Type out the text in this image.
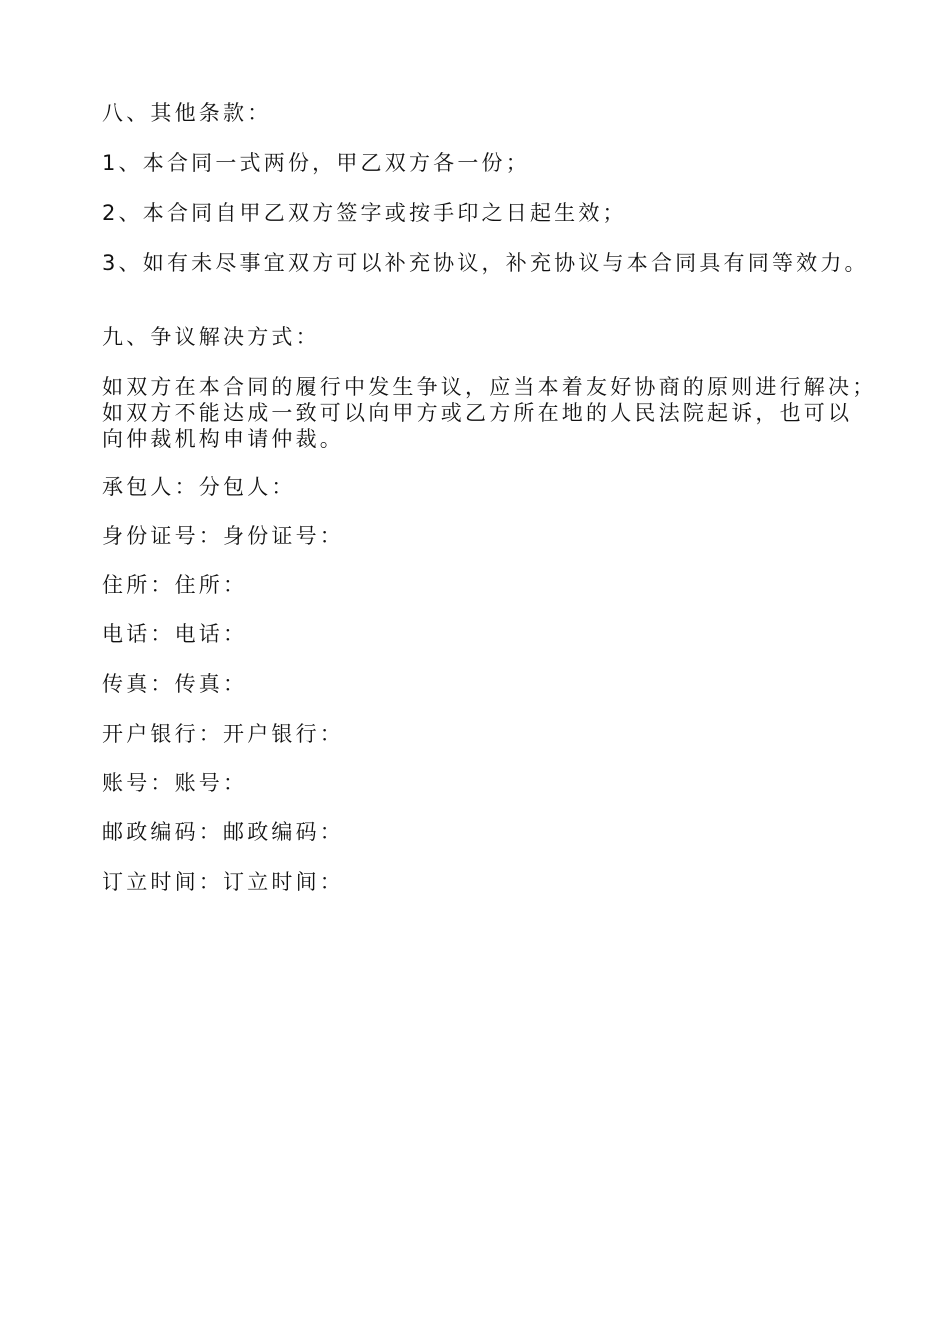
八、其他条款：

1、本合同一式两份，甲乙双方各一份；

2、本合同自甲乙双方签字或按手印之日起生效；

3、如有未尽事宜双方可以补充协议，补充协议与本合同具有同等效力。

九、争议解决方式：

如双方在本合同的履行中发生争议，应当本着友好协商的原则进行解决；
如双方不能达成一致可以向甲方或乙方所在地的人民法院起诉，也可以
向仲裁机构申请仲裁。

承包人：分包人：

身份证号：身份证号：

住所：住所：

电话：电话：

传真：传真：

开户银行：开户银行：

账号：账号：

邮政编码：邮政编码：

订立时间：订立时间：
